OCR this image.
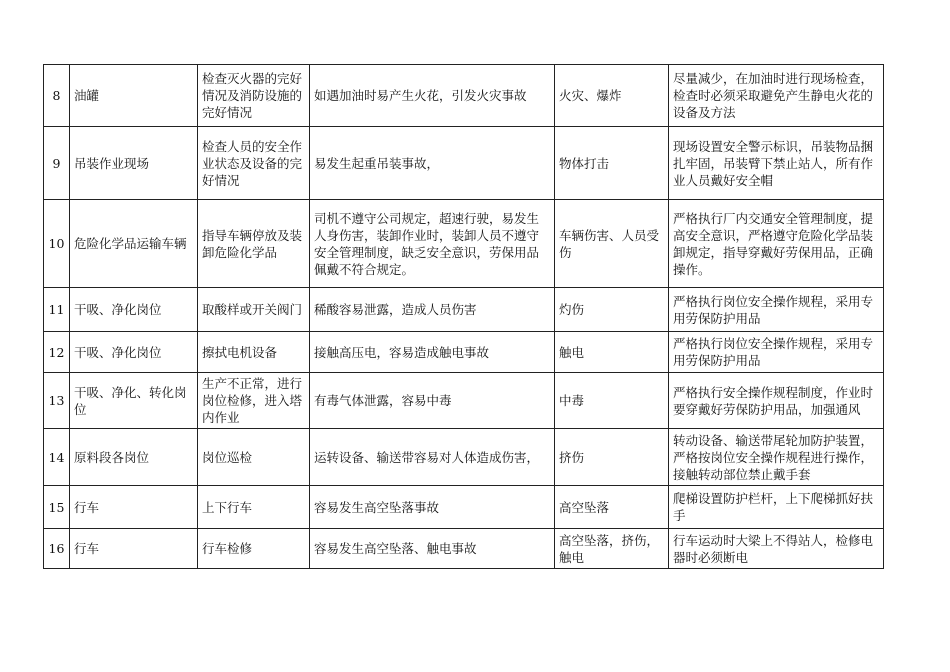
8	油罐	检查灭火器的完好情况及消防设施的完好情况	如遇加油时易产生火花，引发火灾事故	火灾、爆炸	尽量减少，在加油时进行现场检查，检查时必须采取避免产生静电火花的设备及方法
9	吊装作业现场	检查人员的安全作业状态及设备的完好情况	易发生起重吊装事故，	物体打击	现场设置安全警示标识，吊装物品捆扎牢固，吊装臂下禁止站人，所有作业人员戴好安全帽
10	危险化学品运输车辆	指导车辆停放及装卸危险化学品	司机不遵守公司规定，超速行驶，易发生人身伤害，装卸作业时，装卸人员不遵守安全管理制度，缺乏安全意识，劳保用品佩戴不符合规定。	车辆伤害、人员受伤	严格执行厂内交通安全管理制度，提高安全意识，严格遵守危险化学品装卸规定，指导穿戴好劳保用品，正确操作。
11	干吸、净化岗位	取酸样或开关阀门	稀酸容易泄露，造成人员伤害	灼伤	严格执行岗位安全操作规程，采用专用劳保防护用品
12	干吸、净化岗位	擦拭电机设备	接触高压电，容易造成触电事故	触电	严格执行岗位安全操作规程，采用专用劳保防护用品
13	干吸、净化、转化岗位	生产不正常，进行岗位检修，进入塔内作业	有毒气体泄露，容易中毒	中毒	严格执行安全操作规程制度，作业时要穿戴好劳保防护用品，加强通风
14	原料段各岗位	岗位巡检	运转设备、输送带容易对人体造成伤害，	挤伤	转动设备、输送带尾轮加防护装置，严格按岗位安全操作规程进行操作，接触转动部位禁止戴手套
15	行车	上下行车	容易发生高空坠落事故	高空坠落	爬梯设置防护栏杆，上下爬梯抓好扶手
16	行车	行车检修	容易发生高空坠落、触电事故	高空坠落，挤伤，触电	行车运动时大梁上不得站人，检修电器时必须断电
